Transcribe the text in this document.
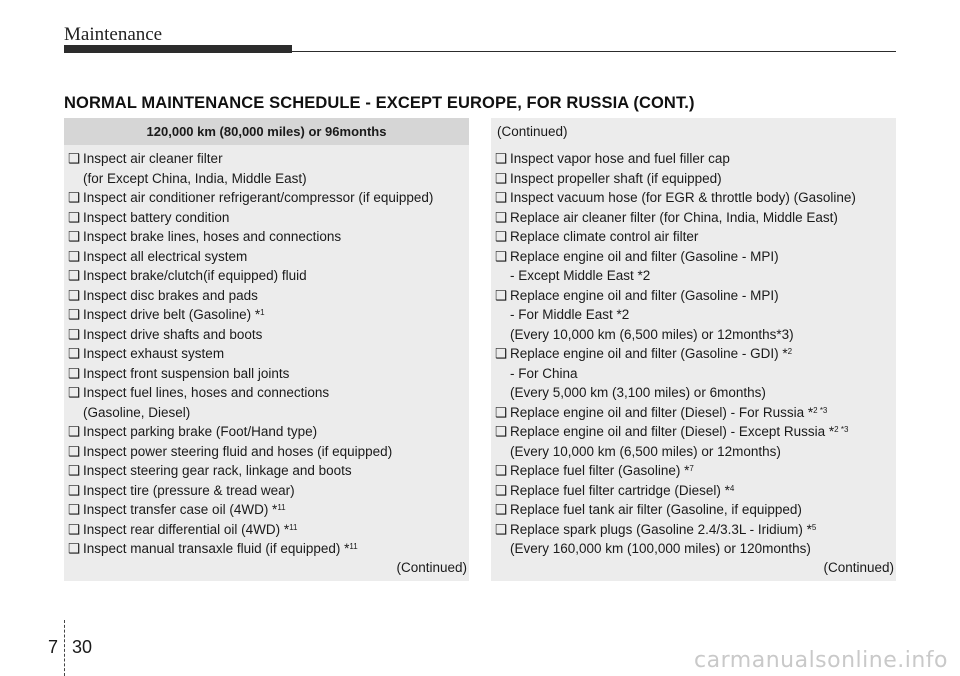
Maintenance
NORMAL MAINTENANCE SCHEDULE - EXCEPT EUROPE, FOR RUSSIA (CONT.)
120,000 km (80,000 miles) or 96months
❑ Inspect air cleaner filter
(for Except China, India, Middle East)
❑ Inspect air conditioner refrigerant/compressor (if equipped)
❑ Inspect battery condition
❑ Inspect brake lines, hoses and connections
❑ Inspect all electrical system
❑ Inspect brake/clutch(if equipped) fluid
❑ Inspect disc brakes and pads
❑ Inspect drive belt (Gasoline) *$^1$
❑ Inspect drive shafts and boots
❑ Inspect exhaust system
❑ Inspect front suspension ball joints
❑ Inspect fuel lines, hoses and connections
(Gasoline, Diesel)
❑ Inspect parking brake (Foot/Hand type)
❑ Inspect power steering fluid and hoses (if equipped)
❑ Inspect steering gear rack, linkage and boots
❑ Inspect tire (pressure & tread wear)
❑ Inspect transfer case oil (4WD) *$^{11}$
❑ Inspect rear differential oil (4WD) *$^{11}$
❑ Inspect manual transaxle fluid (if equipped) *$^{11}$
(Continued)
(Continued)
❑ Inspect vapor hose and fuel filler cap
❑ Inspect propeller shaft (if equipped)
❑ Inspect vacuum hose (for EGR & throttle body) (Gasoline)
❑ Replace air cleaner filter (for China, India, Middle East)
❑ Replace climate control air filter
❑ Replace engine oil and filter (Gasoline - MPI)
- Except Middle East *2
❑ Replace engine oil and filter (Gasoline - MPI)
- For Middle East *2
(Every 10,000 km (6,500 miles) or 12months*3)
❑ Replace engine oil and filter (Gasoline - GDI) *$^2$
- For China
(Every 5,000 km (3,100 miles) or 6months)
❑ Replace engine oil and filter (Diesel) - For Russia *$^{2 *3}$
❑ Replace engine oil and filter (Diesel) - Except Russia *$^{2 *3}$
(Every 10,000 km (6,500 miles) or 12months)
❑ Replace fuel filter (Gasoline) *$^7$
❑ Replace fuel filter cartridge (Diesel) *$^4$
❑ Replace fuel tank air filter (Gasoline, if equipped)
❑ Replace spark plugs (Gasoline 2.4/3.3L - Iridium) *$^5$
(Every 160,000 km (100,000 miles) or 120months)
(Continued)
7 30
carmanualsonline.info
